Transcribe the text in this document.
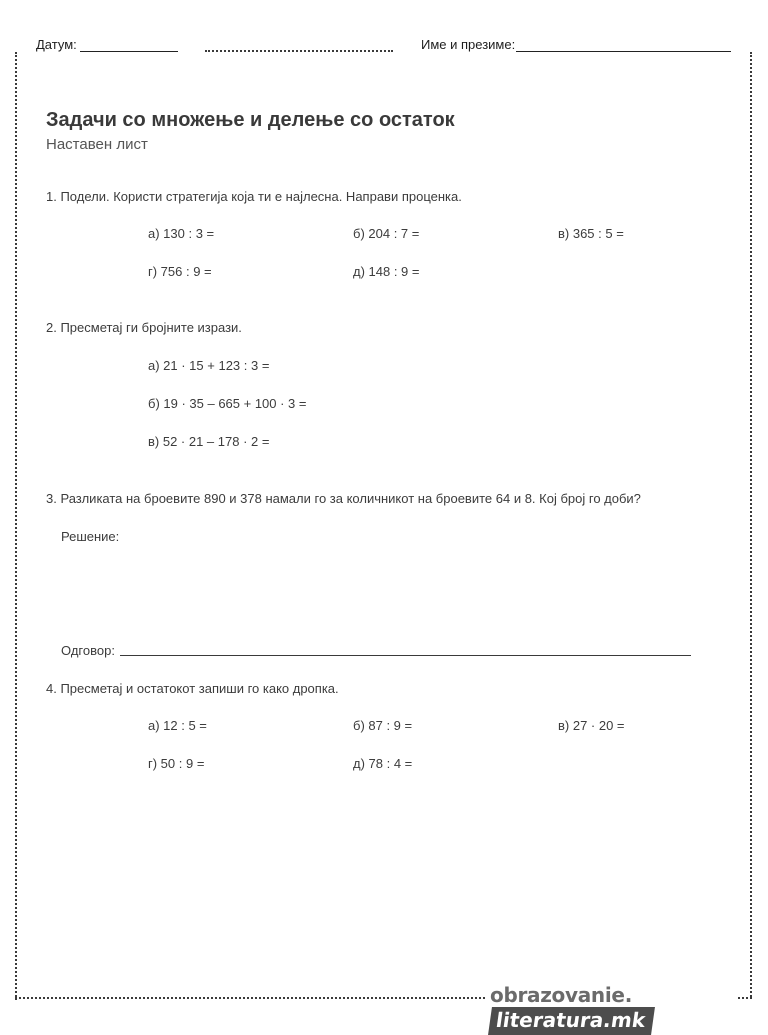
Датум:	Име и презиме:
Задачи со множење и делење со остаток
Наставен лист
1. Подели. Користи стратегија која ти е најлесна. Направи проценка.
а) 130 : 3 =	б) 204 : 7 =	в) 365 : 5 =
г) 756 : 9 =	д) 148 : 9 =
2. Пресметај ги бројните изрази.
а) 21 · 15 + 123 : 3 =
б) 19 · 35 – 665 + 100 · 3 =
в) 52 · 21 – 178 · 2 =
3. Разликата на броевите 890 и 378 намали го за количникот на броевите 64 и 8. Кој број го доби?
Решение:
Одговор:
4. Пресметај и остатокот запиши го како дропка.
а) 12 : 5 =	б) 87 : 9 =	в) 27 · 20 =
г) 50 : 9 =	д) 78 : 4 =
obrazovanie.literatura.mk
